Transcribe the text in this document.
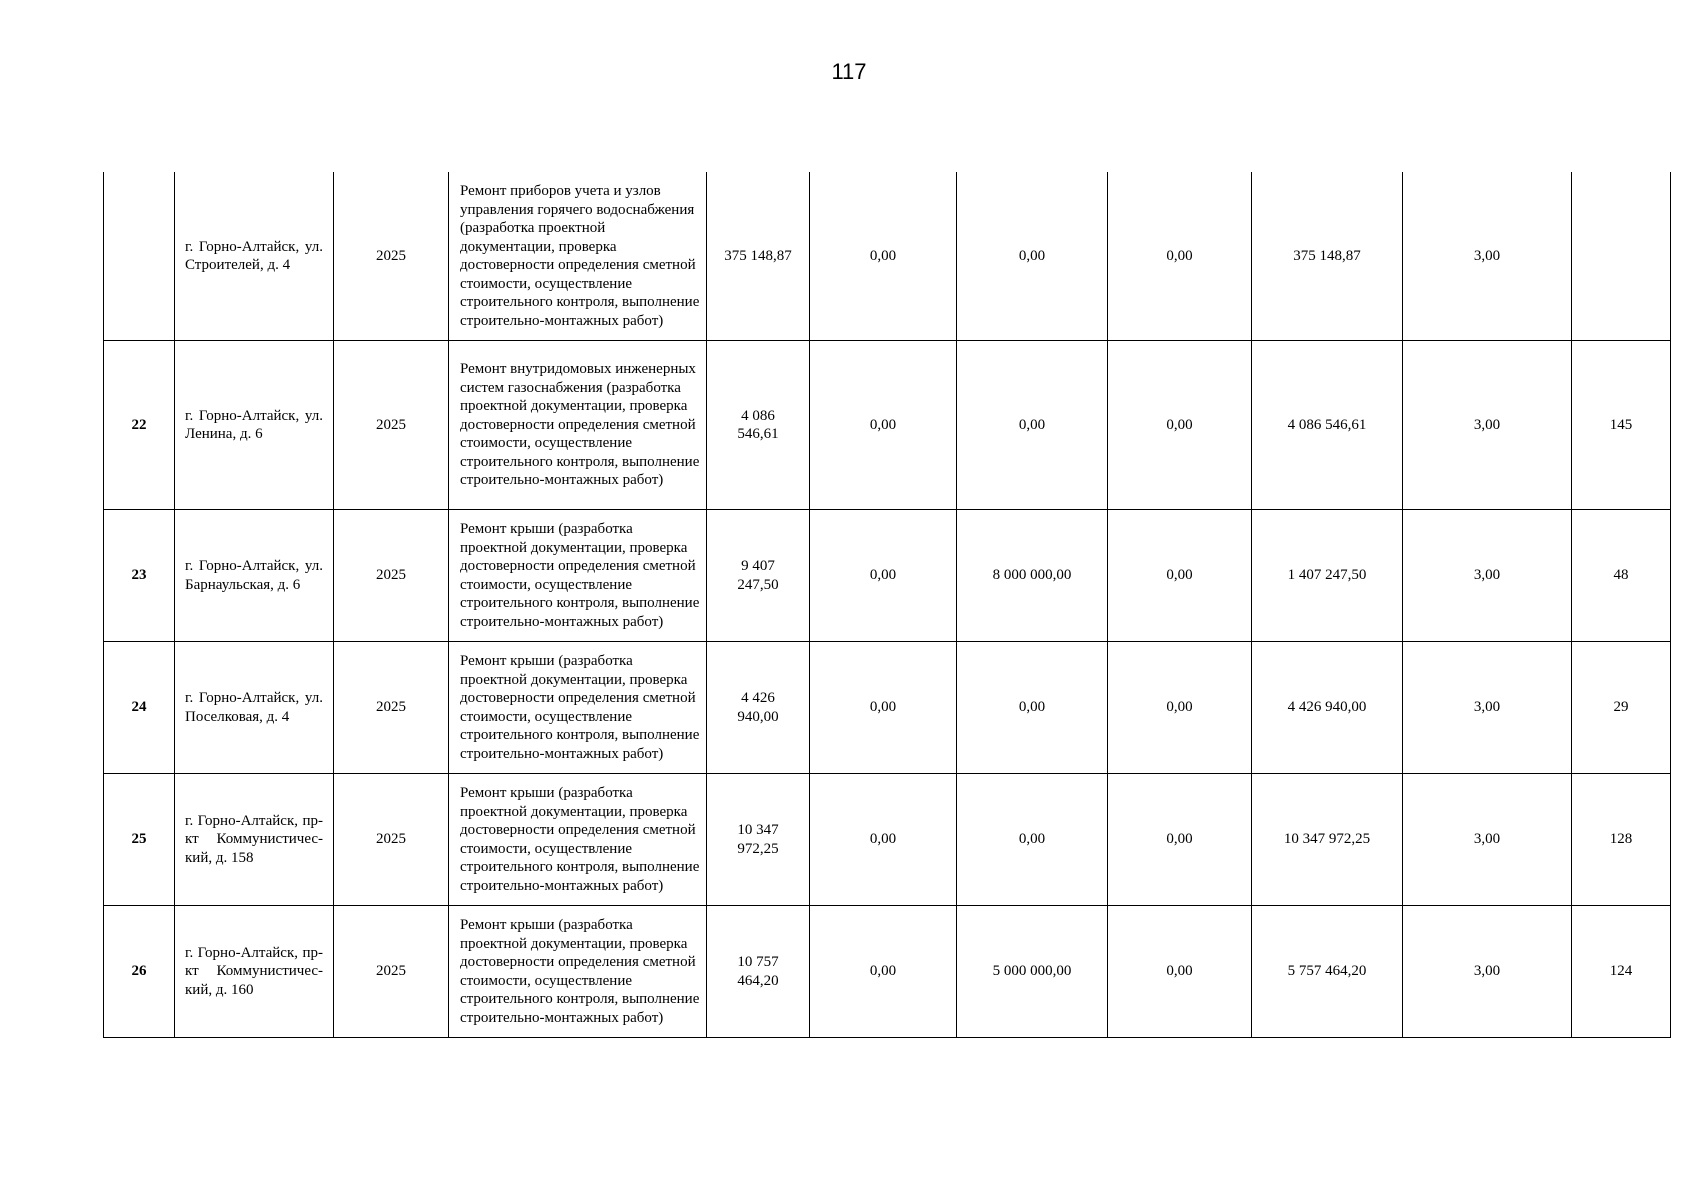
117
	г. Горно-Алтайск, ул. Строителей, д. 4	2025	Ремонт приборов учета и узлов управления горячего водоснабжения (разработка проектной документации, проверка достоверности определения сметной стоимости, осуществление строительного контроля, выполнение строительно-монтажных работ)	375 148,87	0,00	0,00	0,00	375 148,87	3,00	
22	г. Горно-Алтайск, ул. Ленина, д. 6	2025	Ремонт внутридомовых инженерных систем газоснабжения (разработка проектной документации, проверка достоверности определения сметной стоимости, осуществление строительного контроля, выполнение строительно-монтажных работ)	4 086 546,61	0,00	0,00	0,00	4 086 546,61	3,00	145
23	г. Горно-Алтайск, ул. Барнаульская, д. 6	2025	Ремонт крыши (разработка проектной документации, проверка достоверности определения сметной стоимости, осуществление строительного контроля, выполнение строительно-монтажных работ)	9 407 247,50	0,00	8 000 000,00	0,00	1 407 247,50	3,00	48
24	г. Горно-Алтайск, ул. Поселковая, д. 4	2025	Ремонт крыши (разработка проектной документации, проверка достоверности определения сметной стоимости, осуществление строительного контроля, выполнение строительно-монтажных работ)	4 426 940,00	0,00	0,00	0,00	4 426 940,00	3,00	29
25	г. Горно-Алтайск, пр-кт Коммунистичес-кий, д. 158	2025	Ремонт крыши (разработка проектной документации, проверка достоверности определения сметной стоимости, осуществление строительного контроля, выполнение строительно-монтажных работ)	10 347 972,25	0,00	0,00	0,00	10 347 972,25	3,00	128
26	г. Горно-Алтайск, пр-кт Коммунистичес-кий, д. 160	2025	Ремонт крыши (разработка проектной документации, проверка достоверности определения сметной стоимости, осуществление строительного контроля, выполнение строительно-монтажных работ)	10 757 464,20	0,00	5 000 000,00	0,00	5 757 464,20	3,00	124
